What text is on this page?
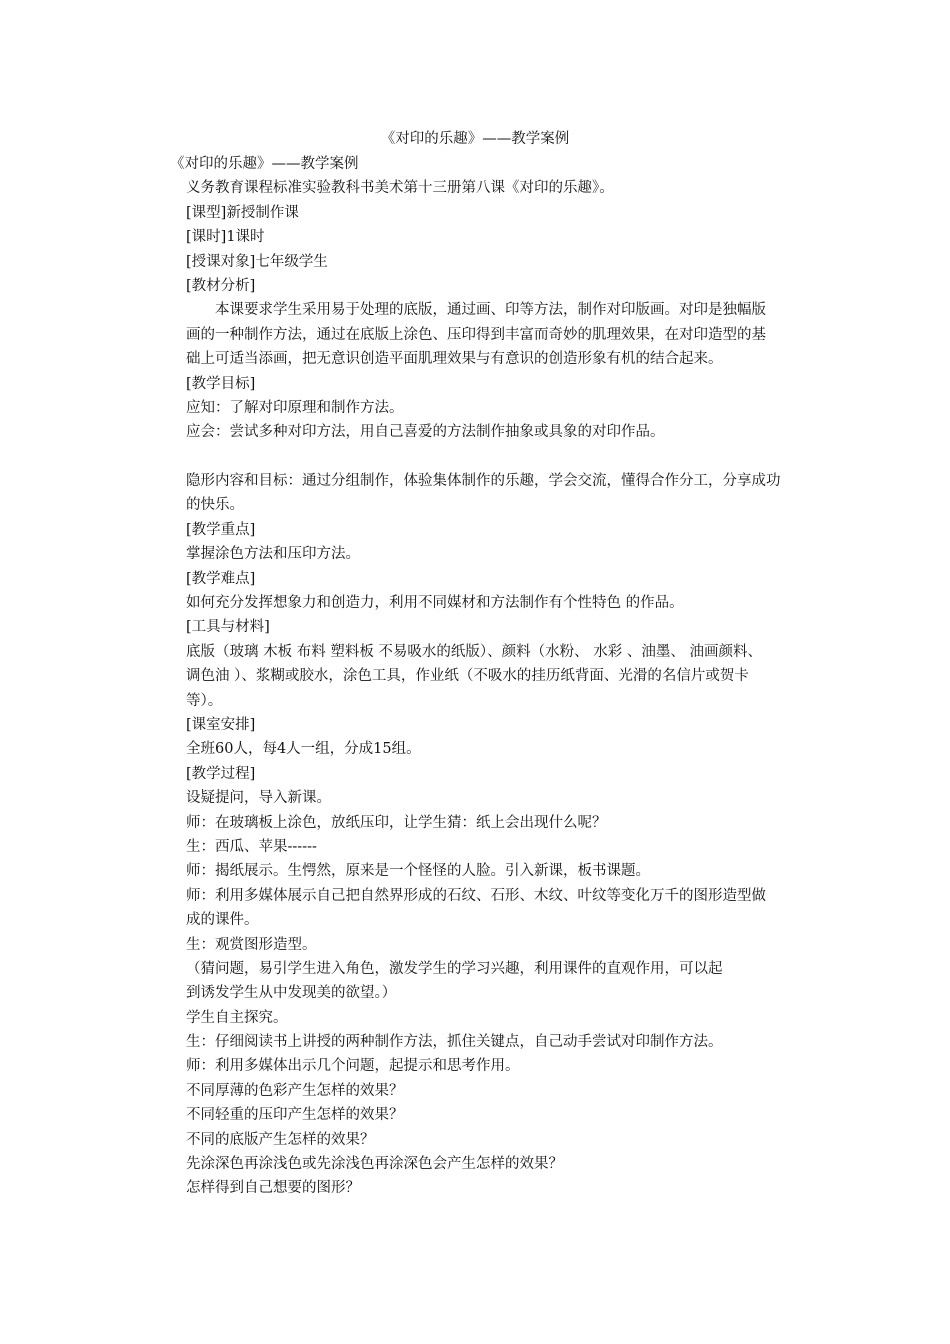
《对印的乐趣》——教学案例
《对印的乐趣》——教学案例
义务教育课程标准实验教科书美术第十三册第八课《对印的乐趣》。
[课型]新授制作课
[课时]1课时
[授课对象]七年级学生
[教材分析]
本课要求学生采用易于处理的底版，通过画、印等方法，制作对印版画。对印是独幅版
画的一种制作方法，通过在底版上涂色、压印得到丰富而奇妙的肌理效果，在对印造型的基
础上可适当添画，把无意识创造平面肌理效果与有意识的创造形象有机的结合起来。
[教学目标]
应知：了解对印原理和制作方法。
应会：尝试多种对印方法，用自己喜爱的方法制作抽象或具象的对印作品。
隐形内容和目标：通过分组制作，体验集体制作的乐趣，学会交流，懂得合作分工，分享成功
的快乐。
[教学重点]
掌握涂色方法和压印方法。
[教学难点]
如何充分发挥想象力和创造力，利用不同媒材和方法制作有个性特色 的作品。
[工具与材料]
底版（玻璃 木板 布料 塑料板 不易吸水的纸版）、颜料（水粉、 水彩 、油墨、 油画颜料、
调色油 ）、浆糊或胶水，涂色工具，作业纸（不吸水的挂历纸背面、光滑的名信片或贺卡
等）。
[课室安排]
全班60人，每4人一组，分成15组。
[教学过程]
设疑提问，导入新课。
师：在玻璃板上涂色，放纸压印，让学生猜：纸上会出现什么呢？
生：西瓜、苹果------
师：揭纸展示。生愕然，原来是一个怪怪的人脸。引入新课，板书课题。
师：利用多媒体展示自己把自然界形成的石纹、石形、木纹、叶纹等变化万千的图形造型做
成的课件。
生：观赏图形造型。
（猜问题，易引学生进入角色，激发学生的学习兴趣，利用课件的直观作用，可以起
到诱发学生从中发现美的欲望。）
学生自主探究。
生：仔细阅读书上讲授的两种制作方法，抓住关键点，自己动手尝试对印制作方法。
师：利用多媒体出示几个问题，起提示和思考作用。
不同厚薄的色彩产生怎样的效果？
不同轻重的压印产生怎样的效果？
不同的底版产生怎样的效果？
先涂深色再涂浅色或先涂浅色再涂深色会产生怎样的效果？
怎样得到自己想要的图形？
